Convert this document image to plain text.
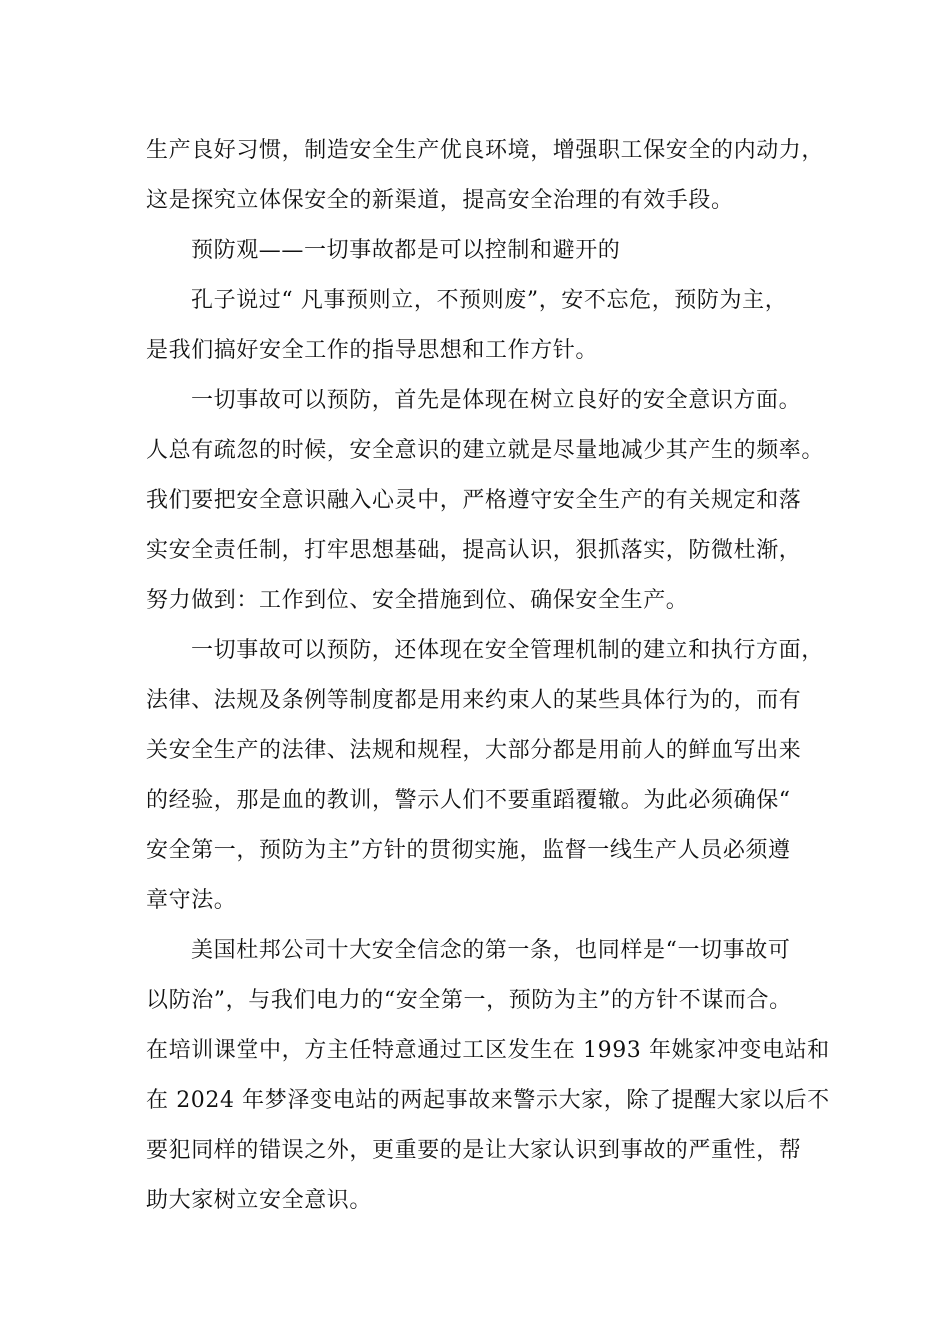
生产良好习惯，制造安全生产优良环境，增强职工保安全的内动力，
这是探究立体保安全的新渠道，提高安全治理的有效手段。
预防观——一切事故都是可以控制和避开的
孔子说过“ 凡事预则立，不预则废”，安不忘危，预防为主，
是我们搞好安全工作的指导思想和工作方针。
一切事故可以预防，首先是体现在树立良好的安全意识方面。
人总有疏忽的时候，安全意识的建立就是尽量地减少其产生的频率。
我们要把安全意识融入心灵中，严格遵守安全生产的有关规定和落
实安全责任制，打牢思想基础，提高认识，狠抓落实，防微杜渐，
努力做到：工作到位、安全措施到位、确保安全生产。
一切事故可以预防，还体现在安全管理机制的建立和执行方面，
法律、法规及条例等制度都是用来约束人的某些具体行为的，而有
关安全生产的法律、法规和规程，大部分都是用前人的鲜血写出来
的经验，那是血的教训，警示人们不要重蹈覆辙。为此必须确保“
安全第一，预防为主”方针的贯彻实施，监督一线生产人员必须遵
章守法。
美国杜邦公司十大安全信念的第一条，也同样是“一切事故可
以防治”，与我们电力的“安全第一，预防为主”的方针不谋而合。
在培训课堂中，方主任特意通过工区发生在 1993 年姚家冲变电站和
在 2024 年梦泽变电站的两起事故来警示大家，除了提醒大家以后不
要犯同样的错误之外，更重要的是让大家认识到事故的严重性，帮
助大家树立安全意识。
